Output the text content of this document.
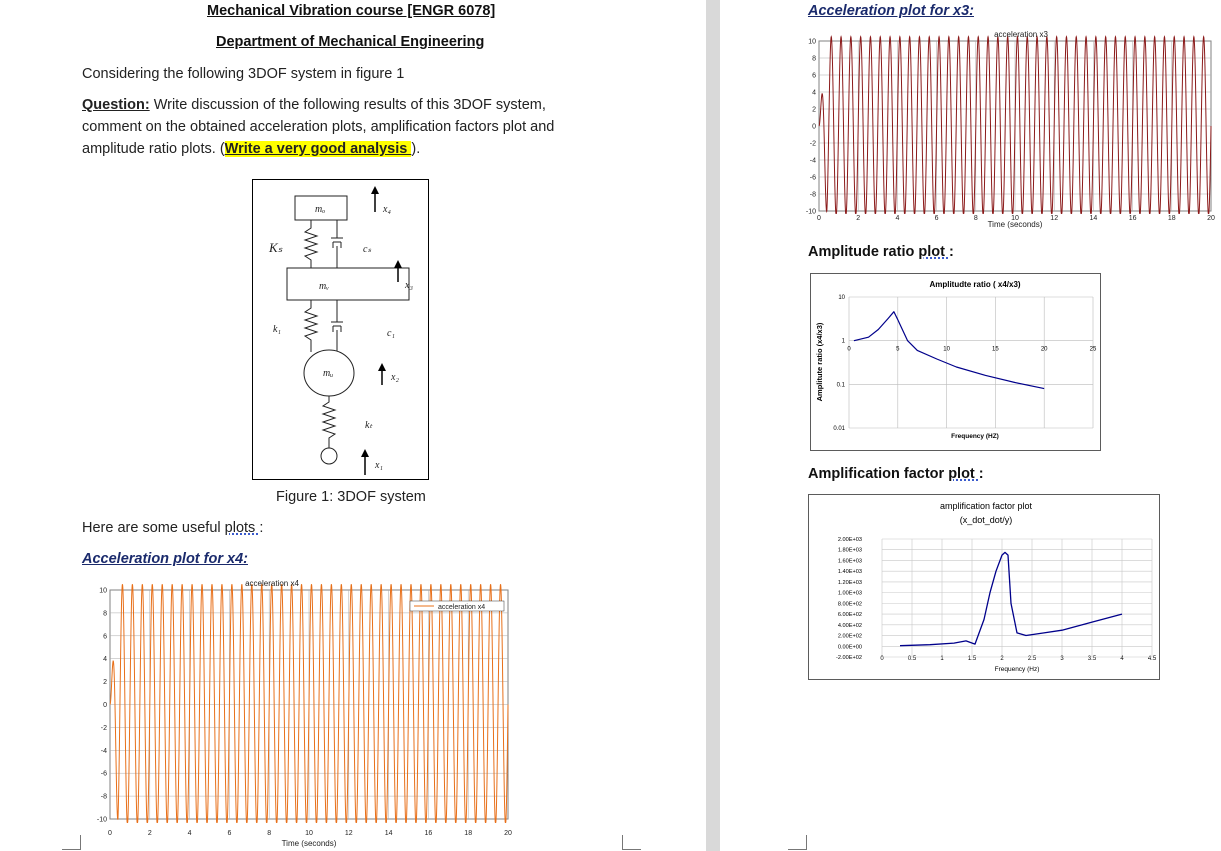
Mechanical Vibration course [ENGR 6078]
Department of Mechanical Engineering
Considering the following 3DOF system in figure 1
Question: Write discussion of the following results of this 3DOF system,
comment on the obtained acceleration plots, amplification factors plot and
amplitude ratio plots. (Write a very good analysis ).
mₒ
mᵥ
mᵤ
Kₛ	cₛ
k₁	c₁
kₜ
x₄
x₃
x₂
x₁
Figure 1: 3DOF system
Here are some useful plots :
Acceleration plot for x4:
0	2	4	6	8	10	12	14	16	18	20
10
8
6
4
2
0
-2
-4
-6
-8
-10
acceleration x4
Time (seconds)
acceleration x4
Acceleration plot for x3:
0	2	4	6	8	10	12	14	16	18	20
10
8
6
4
2
0
-2
-4
-6
-8
-10
acceleration x3
Time (seconds)
Amplitude ratio plot :
0	5	10	15	20	25
10
1
0.1
0.01
Amplitudte ratio ( x4/x3)
Frequency (HZ)
Amplitute ratio (x4/x3)
Amplification factor plot :
0	0.5	1	1.5	2	2.5	3	3.5	4	4.5
2.00E+03
1.80E+03
1.60E+03
1.40E+03
1.20E+03
1.00E+03
8.00E+02
6.00E+02
4.00E+02
2.00E+02
0.00E+00
-2.00E+02
amplification factor plot
(x_dot_dot/y)
Frequency (Hz)
